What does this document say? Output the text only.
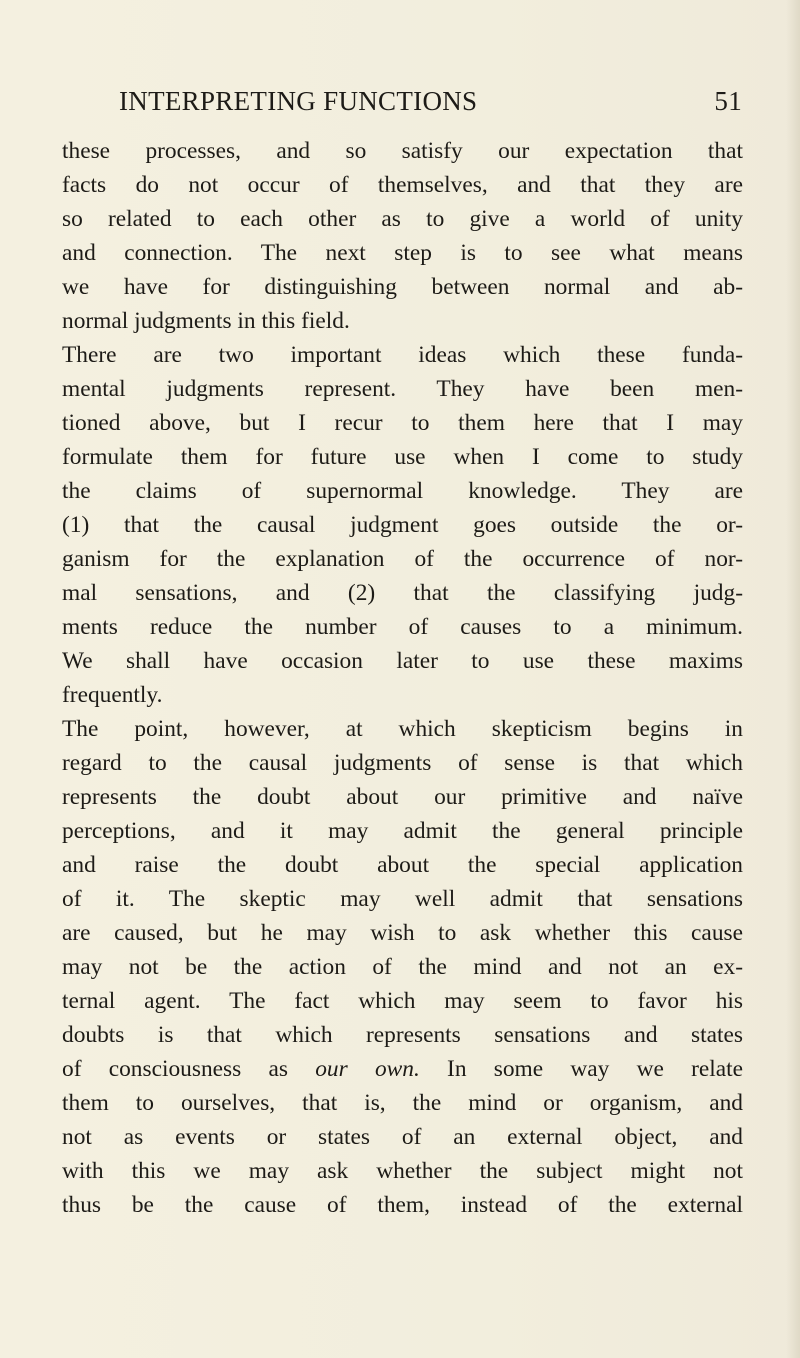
INTERPRETING FUNCTIONS	51
these processes, and so satisfy our expectation that
facts do not occur of themselves, and that they are
so related to each other as to give a world of unity
and connection. The next step is to see what means
we have for distinguishing between normal and ab-
normal judgments in this field.
There are two important ideas which these funda-
mental judgments represent. They have been men-
tioned above, but I recur to them here that I may
formulate them for future use when I come to study
the claims of supernormal knowledge. They are
(1) that the causal judgment goes outside the or-
ganism for the explanation of the occurrence of nor-
mal sensations, and (2) that the classifying judg-
ments reduce the number of causes to a minimum.
We shall have occasion later to use these maxims
frequently.
The point, however, at which skepticism begins in
regard to the causal judgments of sense is that which
represents the doubt about our primitive and naïve
perceptions, and it may admit the general principle
and raise the doubt about the special application
of it. The skeptic may well admit that sensations
are caused, but he may wish to ask whether this cause
may not be the action of the mind and not an ex-
ternal agent. The fact which may seem to favor his
doubts is that which represents sensations and states
of consciousness as our own. In some way we relate
them to ourselves, that is, the mind or organism, and
not as events or states of an external object, and
with this we may ask whether the subject might not
thus be the cause of them, instead of the external
